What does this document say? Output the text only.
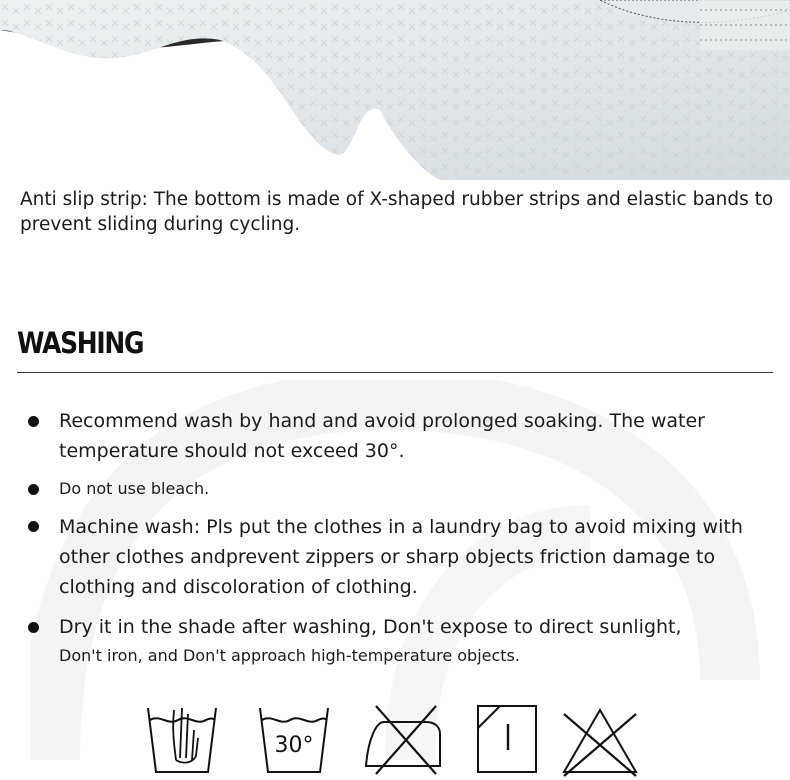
Anti slip strip: The bottom is made of X-shaped rubber strips and elastic bands to prevent sliding during cycling.
WASHING
Recommend wash by hand and avoid prolonged soaking. The water temperature should not exceed 30°.
Do not use bleach.
Machine wash: Pls put the clothes in a laundry bag to avoid mixing with other clothes andprevent zippers or sharp objects friction damage to clothing and discoloration of clothing.
Dry it in the shade after washing, Don't expose to direct sunlight,
Don't iron, and Don't approach high-temperature objects.
30°
